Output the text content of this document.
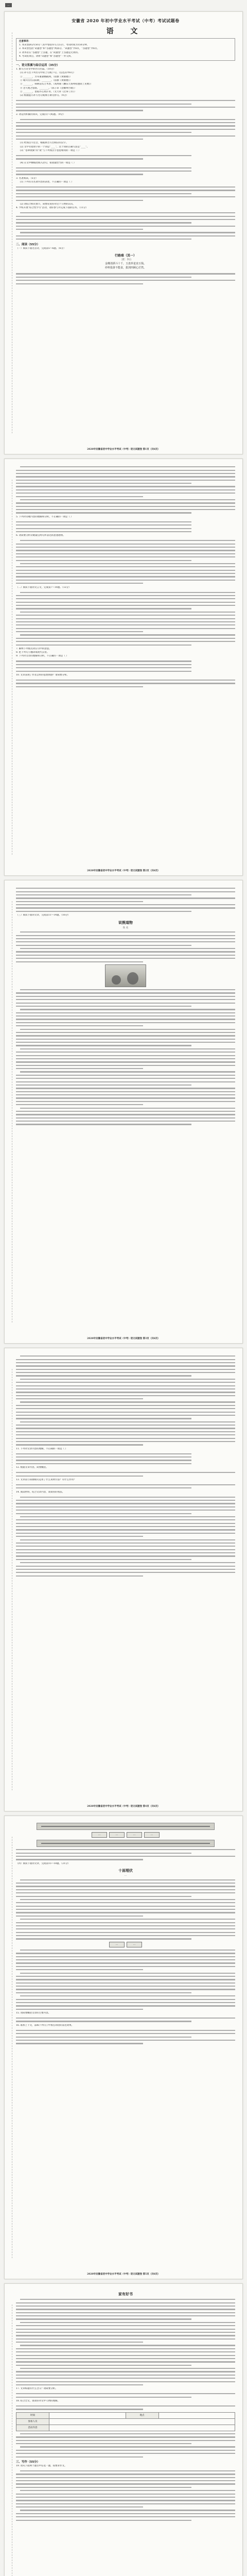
...
安徽省 2020 年初中学业水平考试（中考）考试试题卷
语 文
注意事项：
1. 本试卷满分150分（其中卷面书写占5分），考试时间为150分钟。
2. 本试卷包括“试题卷”和“答题卷”两部分。“试题卷”共6页，“答题卷”共6页。
3. 请务必在“答题卷”上答题，在“试题卷”上答题是无效的。
4. 考试结束后，请将“试题卷”和“答题卷”一并交回。
一、语文积累与综合运用（35分）
1. 默写古诗文中的名句名篇。（10分）
(1) 补写出下列名句中的上句或下句。（任选其中6句）
① ________，芳草萋萋鹦鹉洲。（崔颢《黄鹤楼》）
② 晴川历历汉阳树，________。（崔颢《黄鹤楼》）
③ ________，病树前头万木春。（刘禹锡《酬乐天扬州初逢席上见赠》）
④ 念天地之悠悠，________。（陈子昂《登幽州台歌》）
⑤ ________，留取丹心照汗青。（文天祥《过零丁洋》）
(2) 根据提示补写名句或填写课文原句。（4分）
2. 请运用积累的知识，完成(1)～(4)题。（9分）
(1) 给加点字注音，根据拼音写出相应的汉字。
(2) 文中有错别字的一个词是“____”，这个词的正确写法是“____”。
(3) “苍翠欲滴”的“欲”与下列加点字意思相同的一项是（ ）
(4) 在文中横线处填入语句，衔接最恰当的一项是（ ）
3. 名著阅读。（5分）
(1) 下列有关名著内容的表述，不正确的一项是（ ）
(2) 请结合相关情节，简要说说你对这个人物的认识。
4. 学校开展“综合性学习”活动，请你参与并完成下面的任务。（11分）
二、阅读（55分）
（一）阅读下面这首诗，完成第5～6题。（6分）
行路难（其一）
〔唐〕李白
金樽清酒斗十千，玉盘珍羞直万钱。
停杯投箸不能食，拔剑四顾心茫然。
2020年安徽省初中学业水平考试（中考）语文试题卷 第1页（共6页）
5. 下列对诗歌内容的理解和分析，不正确的一项是（ ）
6. 请简要分析诗歌最后两句所表达的思想感情。
（二）阅读下面的文言文，完成第7～10题。（12分）
7. 解释下列加点词在句中的意思。
8. 把下列句子翻译成现代汉语。
9. 下列对文章的理解和分析，不正确的一项是（ ）
10. 文章表现了作者怎样的思想情感？请简要分析。
2020年安徽省初中学业水平考试（中考）语文试题卷 第2页（共6页）
（三）阅读下面的文章，完成第11～14题。（16分）
说熊道物
佚 名
2020年安徽省初中学业水平考试（中考）语文试题卷 第3页（共6页）
11. 下列对文章内容的理解，不正确的一项是（ ）
12. 根据文章内容，简要概括。
13. 文章第③段画线句运用了什么说明方法？有什么作用？
14. 阅读材料，结合文章内容，谈谈你的看法。
2020年安徽省初中学业水平考试（中考）语文试题卷 第4页（共6页）
...	...	...	...
（四）阅读下面的文章，完成第15～18题。（21分）
十面埋伏
...
...	...
15. 请简要概括文章的主要内容。
16. 联系上下文，品味下列句子中加点词语的表达效果。
2020年安徽省初中学业水平考试（中考）语文试题卷 第5页（共6页）
家有好书
17. 文章标题有什么含义？请简要分析。
18. 结合全文，谈谈你对文中人物的理解。
时间		地点	
参加人员			
活动内容			
三、写作（55分）
19. 请从下面两个题目中任选一题，按要求作文。
